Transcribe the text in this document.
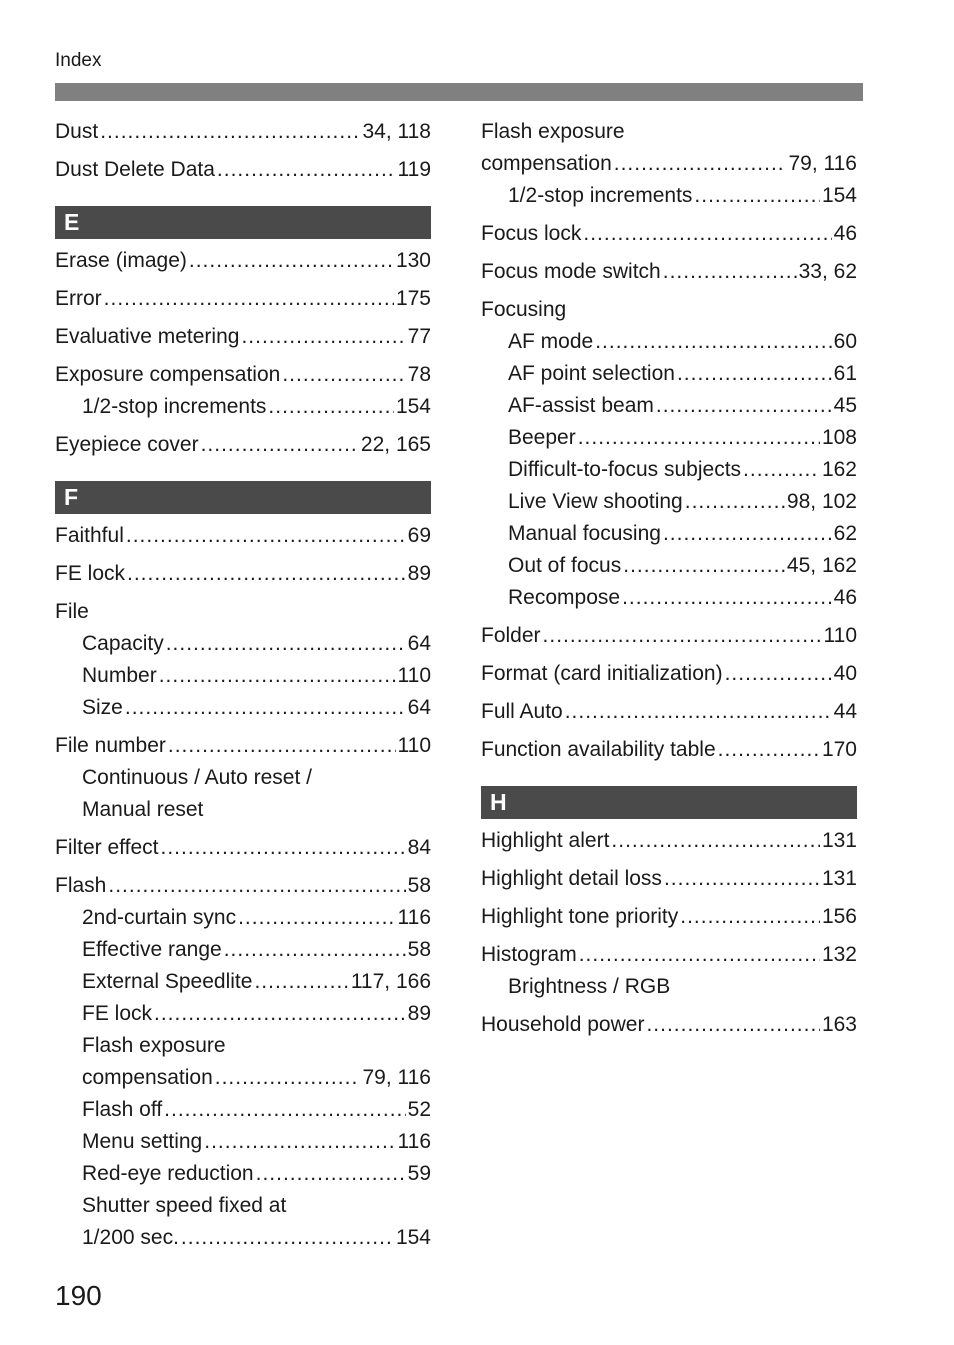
Index
Dust .....	34, 118
Dust Delete Data .....	119
E
Erase (image) .....	130
Error .....	175
Evaluative metering .....	77
Exposure compensation .....	78
1/2-stop increments .....	154
Eyepiece cover .....	22, 165
F
Faithful .....	69
FE lock .....	89
File
Capacity .....	64
Number .....	110
Size .....	64
File number .....	110
Continuous / Auto reset /
Manual reset
Filter effect .....	84
Flash .....	58
2nd-curtain sync .....	116
Effective range .....	58
External Speedlite .....	117, 166
FE lock .....	89
Flash exposure
compensation .....	79, 116
Flash off .....	52
Menu setting .....	116
Red-eye reduction .....	59
Shutter speed fixed at
1/200 sec. .....	154
Flash exposure
compensation .....	79, 116
1/2-stop increments .....	154
Focus lock .....	46
Focus mode switch .....	33, 62
Focusing
AF mode .....	60
AF point selection .....	61
AF-assist beam .....	45
Beeper .....	108
Difficult-to-focus subjects .....	162
Live View shooting .....	98, 102
Manual focusing .....	62
Out of focus .....	45, 162
Recompose .....	46
Folder .....	110
Format (card initialization) .....	40
Full Auto .....	44
Function availability table .....	170
H
Highlight alert .....	131
Highlight detail loss .....	131
Highlight tone priority .....	156
Histogram .....	132
Brightness / RGB
Household power .....	163
190
